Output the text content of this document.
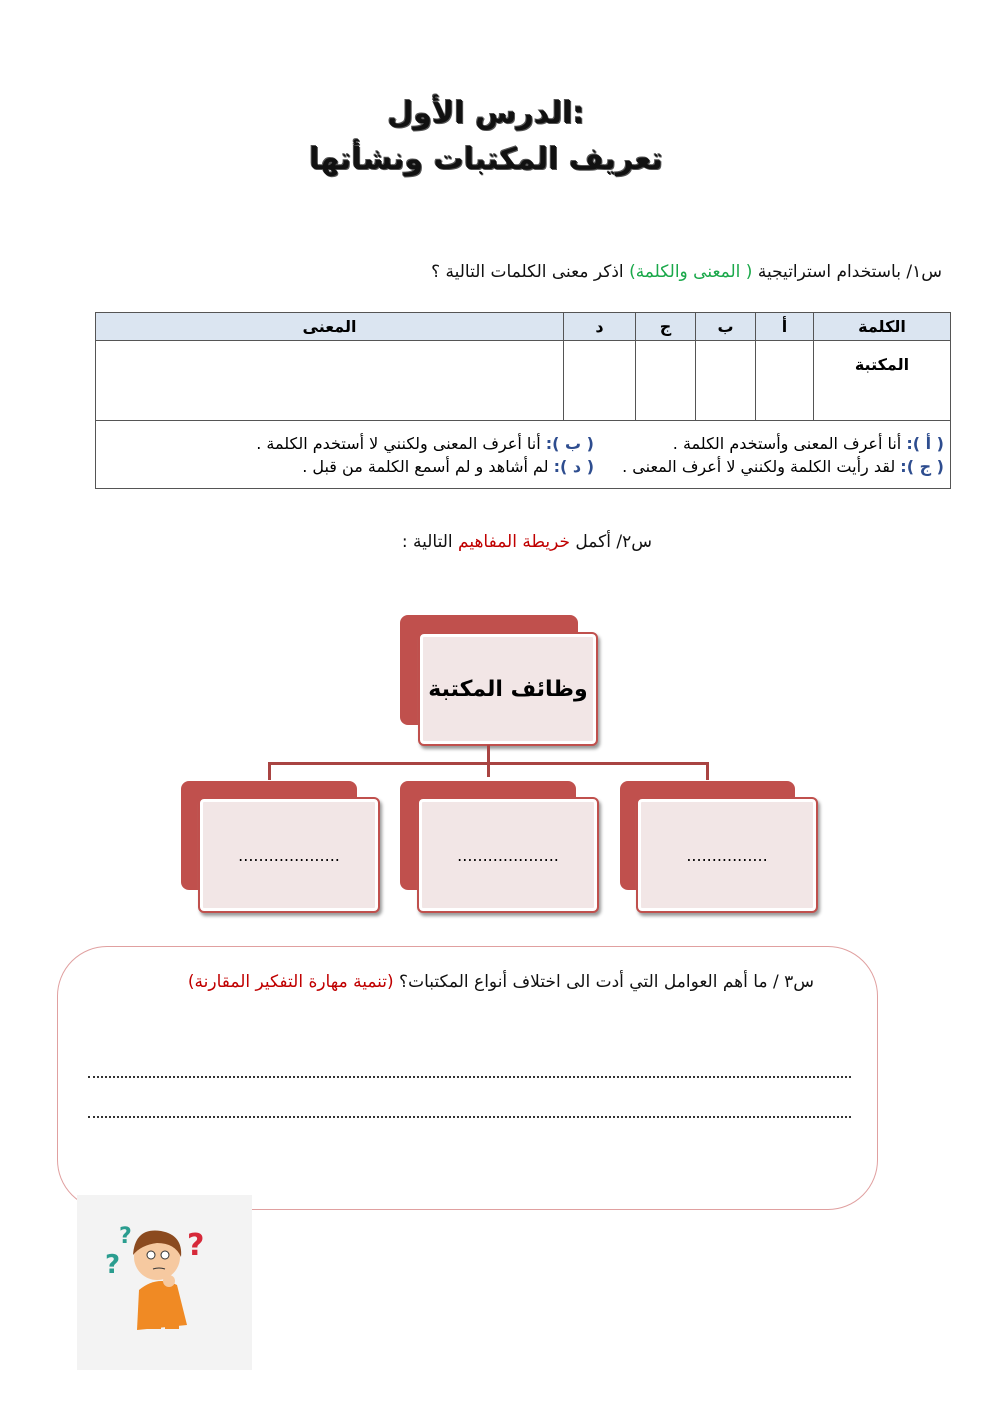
الدرس الأول:
تعريف المكتبات ونشأتها
س١/ باستخدام استراتيجية ( المعنى والكلمة) اذكر معنى الكلمات التالية ؟
الكلمة	أ	ب	ج	د	المعنى
المكتبة					

( أ ): أنا أعرف المعنى وأستخدم الكلمة .
( ب ): أنا أعرف المعنى ولكنني لا أستخدم الكلمة .
( ج ): لقد رأيت الكلمة ولكنني لا أعرف المعنى .
( د ): لم أشاهد و لم أسمع الكلمة من قبل .					
س٢/ أكمل خريطة المفاهيم التالية :
وظائف المكتبة
................
....................
....................
س٣ / ما أهم العوامل التي أدت الى اختلاف أنواع المكتبات؟ (تنمية مهارة التفكير المقارنة)
?
? ?
